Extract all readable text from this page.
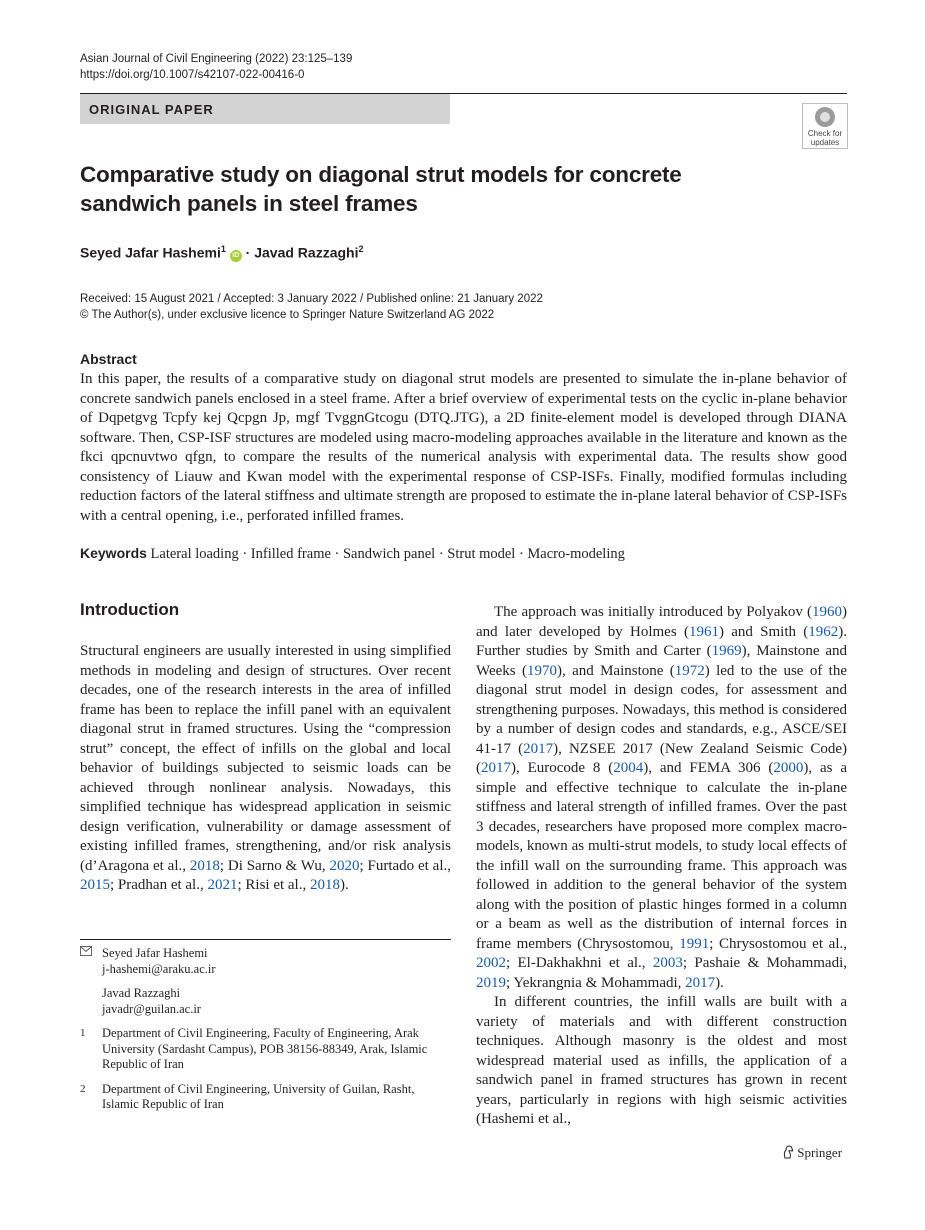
Asian Journal of Civil Engineering (2022) 23:125–139
https://doi.org/10.1007/s42107-022-00416-0
ORIGINAL PAPER
Check for
updates
Comparative study on diagonal strut models for concrete sandwich panels in steel frames
Seyed Jafar Hashemi$^1$ iD · Javad Razzaghi$^2$
Received: 15 August 2021 / Accepted: 3 January 2022 / Published online: 21 January 2022
© The Author(s), under exclusive licence to Springer Nature Switzerland AG 2022
Abstract
In this paper, the results of a comparative study on diagonal strut models are presented to simulate the in-plane behavior of concrete sandwich panels enclosed in a steel frame. After a brief overview of experimental tests on the cyclic in-plane behavior of Dqpetgvg Tcpfy kej Qcpgn Jp, mgf TvggnGtcogu (DTQ.JTG), a 2D finite-element model is developed through DIANA software. Then, CSP-ISF structures are modeled using macro-modeling approaches available in the literature and known as the fkci qpcnuvtwo qfgn, to compare the results of the numerical analysis with experimental data. The results show good consistency of Liauw and Kwan model with the experimental response of CSP-ISFs. Finally, modified formulas including reduction factors of the lateral stiffness and ultimate strength are proposed to estimate the in-plane lateral behavior of CSP-ISFs with a central opening, i.e., perforated infilled frames.
Keywords Lateral loading · Infilled frame · Sandwich panel · Strut model · Macro-modeling
Introduction

Structural engineers are usually interested in using simplified methods in modeling and design of structures. Over recent decades, one of the research interests in the area of infilled frame has been to replace the infill panel with an equivalent diagonal strut in framed structures. Using the “compression strut” concept, the effect of infills on the global and local behavior of buildings subjected to seismic loads can be achieved through nonlinear analysis. Nowadays, this simplified technique has widespread application in seismic design verification, vulnerability or damage assessment of existing infilled frames, strengthening, and/or risk analysis (d’Aragona et al., 2018; Di Sarno & Wu, 2020; Furtado et al., 2015; Pradhan et al., 2021; Risi et al., 2018).

The approach was initially introduced by Polyakov (1960) and later developed by Holmes (1961) and Smith (1962). Further studies by Smith and Carter (1969), Mainstone and Weeks (1970), and Mainstone (1972) led to the use of the diagonal strut model in design codes, for assessment and strengthening purposes. Nowadays, this method is considered by a number of design codes and standards, e.g., ASCE/SEI 41-17 (2017), NZSEE 2017 (New Zealand Seismic Code) (2017), Eurocode 8 (2004), and FEMA 306 (2000), as a simple and effective technique to calculate the in-plane stiffness and lateral strength of infilled frames. Over the past 3 decades, researchers have proposed more complex macro-models, known as multi-strut models, to study local effects of the infill wall on the surrounding frame. This approach was followed in addition to the general behavior of the system along with the position of plastic hinges formed in a column or a beam as well as the distribution of internal forces in frame members (Chrysostomou, 1991; Chrysostomou et al., 2002; El-Dakhakhni et al., 2003; Pashaie & Mohammadi, 2019; Yekrangnia & Mohammadi, 2017).

In different countries, the infill walls are built with a variety of materials and with different construction techniques. Although masonry is the oldest and most widespread material used as infills, the application of a sandwich panel in framed structures has grown in recent years, particularly in regions with high seismic activities (Hashemi et al.,

Seyed Jafar Hashemi
j-hashemi@araku.ac.ir
Javad Razzaghi
javadr@guilan.ac.ir
1	Department of Civil Engineering, Faculty of Engineering, Arak University (Sardasht Campus), POB 38156-88349, Arak, Islamic Republic of Iran
2	Department of Civil Engineering, University of Guilan, Rasht, Islamic Republic of Iran
Springer
